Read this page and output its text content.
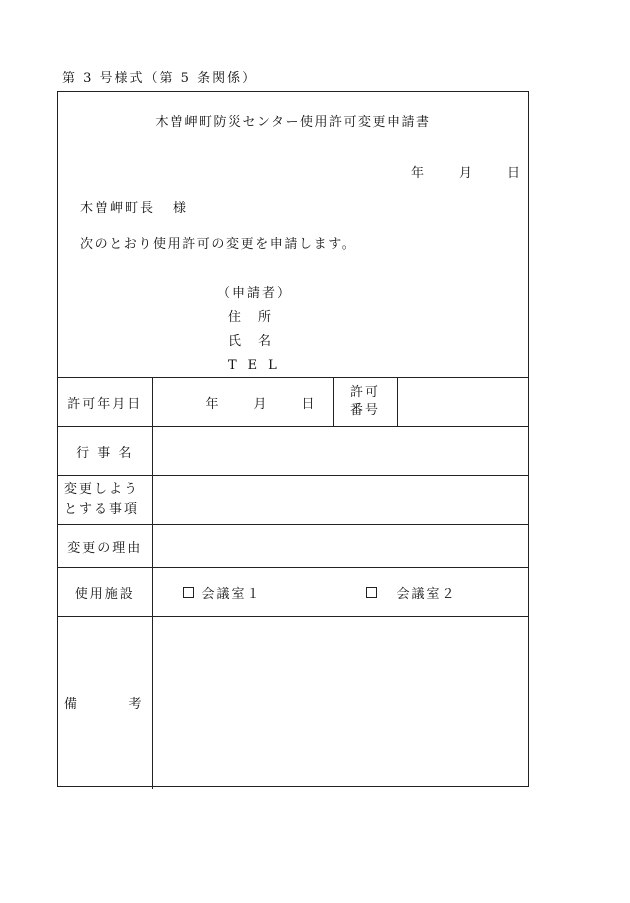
第 3 号様式（第 5 条関係）
木曽岬町防災センター使用許可変更申請書
年	月	日
木曽岬町長 様
次のとおり使用許可の変更を申請します。
（申請者）
住　所
氏　名
TEL
許可年月日	年 月 日	許可
番号	
行 事 名			
変更しよう
とする事項			
変更の理由			
使用施設	会議室１ 会議室２		

備 考			
